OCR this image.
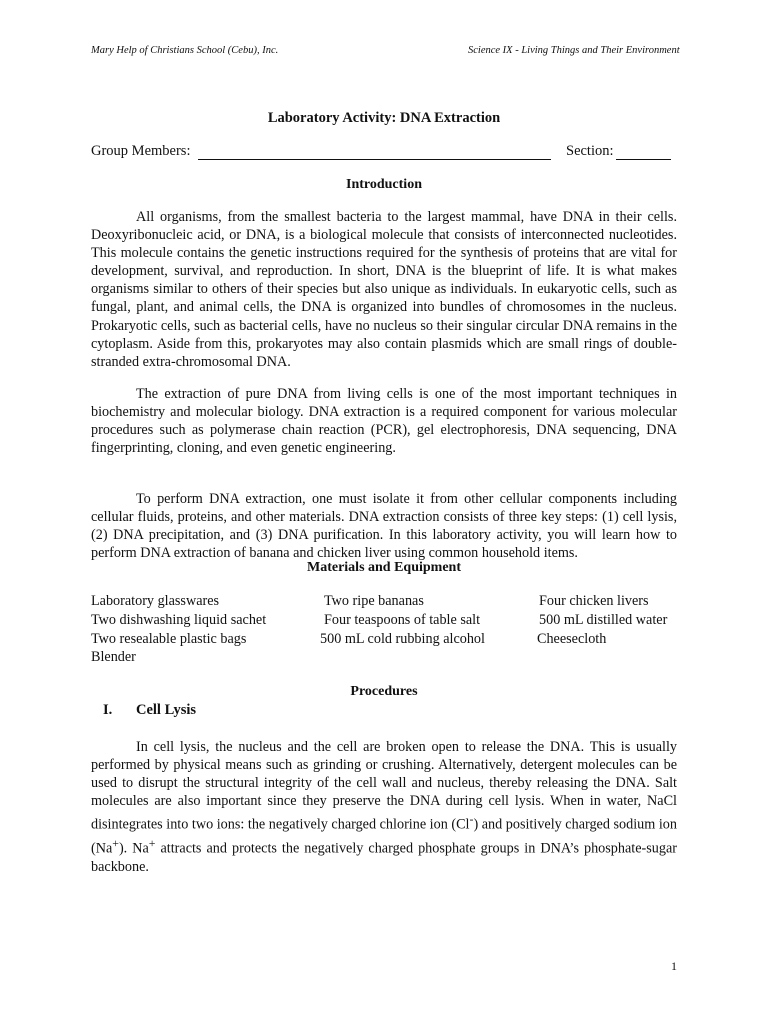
Mary Help of Christians School (Cebu), Inc.	Science IX - Living Things and Their Environment
Laboratory Activity: DNA Extraction
Group Members:	Section:
Introduction

All organisms, from the smallest bacteria to the largest mammal, have DNA in their cells. Deoxyribonucleic acid, or DNA, is a biological molecule that consists of interconnected nucleotides. This molecule contains the genetic instructions required for the synthesis of proteins that are vital for development, survival, and reproduction. In short, DNA is the blueprint of life. It is what makes organisms similar to others of their species but also unique as individuals. In eukaryotic cells, such as fungal, plant, and animal cells, the DNA is organized into bundles of chromosomes in the nucleus. Prokaryotic cells, such as bacterial cells, have no nucleus so their singular circular DNA remains in the cytoplasm. Aside from this, prokaryotes may also contain plasmids which are small rings of double-stranded extra-chromosomal DNA.

The extraction of pure DNA from living cells is one of the most important techniques in biochemistry and molecular biology. DNA extraction is a required component for various molecular procedures such as polymerase chain reaction (PCR), gel electrophoresis, DNA sequencing, DNA fingerprinting, cloning, and even genetic engineering.

To perform DNA extraction, one must isolate it from other cellular components including cellular fluids, proteins, and other materials. DNA extraction consists of three key steps: (1) cell lysis, (2) DNA precipitation, and (3) DNA purification. In this laboratory activity, you will learn how to perform DNA extraction of banana and chicken liver using common household items.

Materials and Equipment
Laboratory glasswares	Two ripe bananas	Four chicken livers
Two dishwashing liquid sachet	Four teaspoons of table salt	500 mL distilled water
Two resealable plastic bags	500 mL cold rubbing alcohol	Cheesecloth
Blender
Procedures
I. Cell Lysis

In cell lysis, the nucleus and the cell are broken open to release the DNA. This is usually performed by physical means such as grinding or crushing. Alternatively, detergent molecules can be used to disrupt the structural integrity of the cell wall and nucleus, thereby releasing the DNA. Salt molecules are also important since they preserve the DNA during cell lysis. When in water, NaCl disintegrates into two ions: the negatively charged chlorine ion (Cl-) and positively charged sodium ion (Na+). Na+ attracts and protects the negatively charged phosphate groups in DNA’s phosphate-sugar backbone.

1
